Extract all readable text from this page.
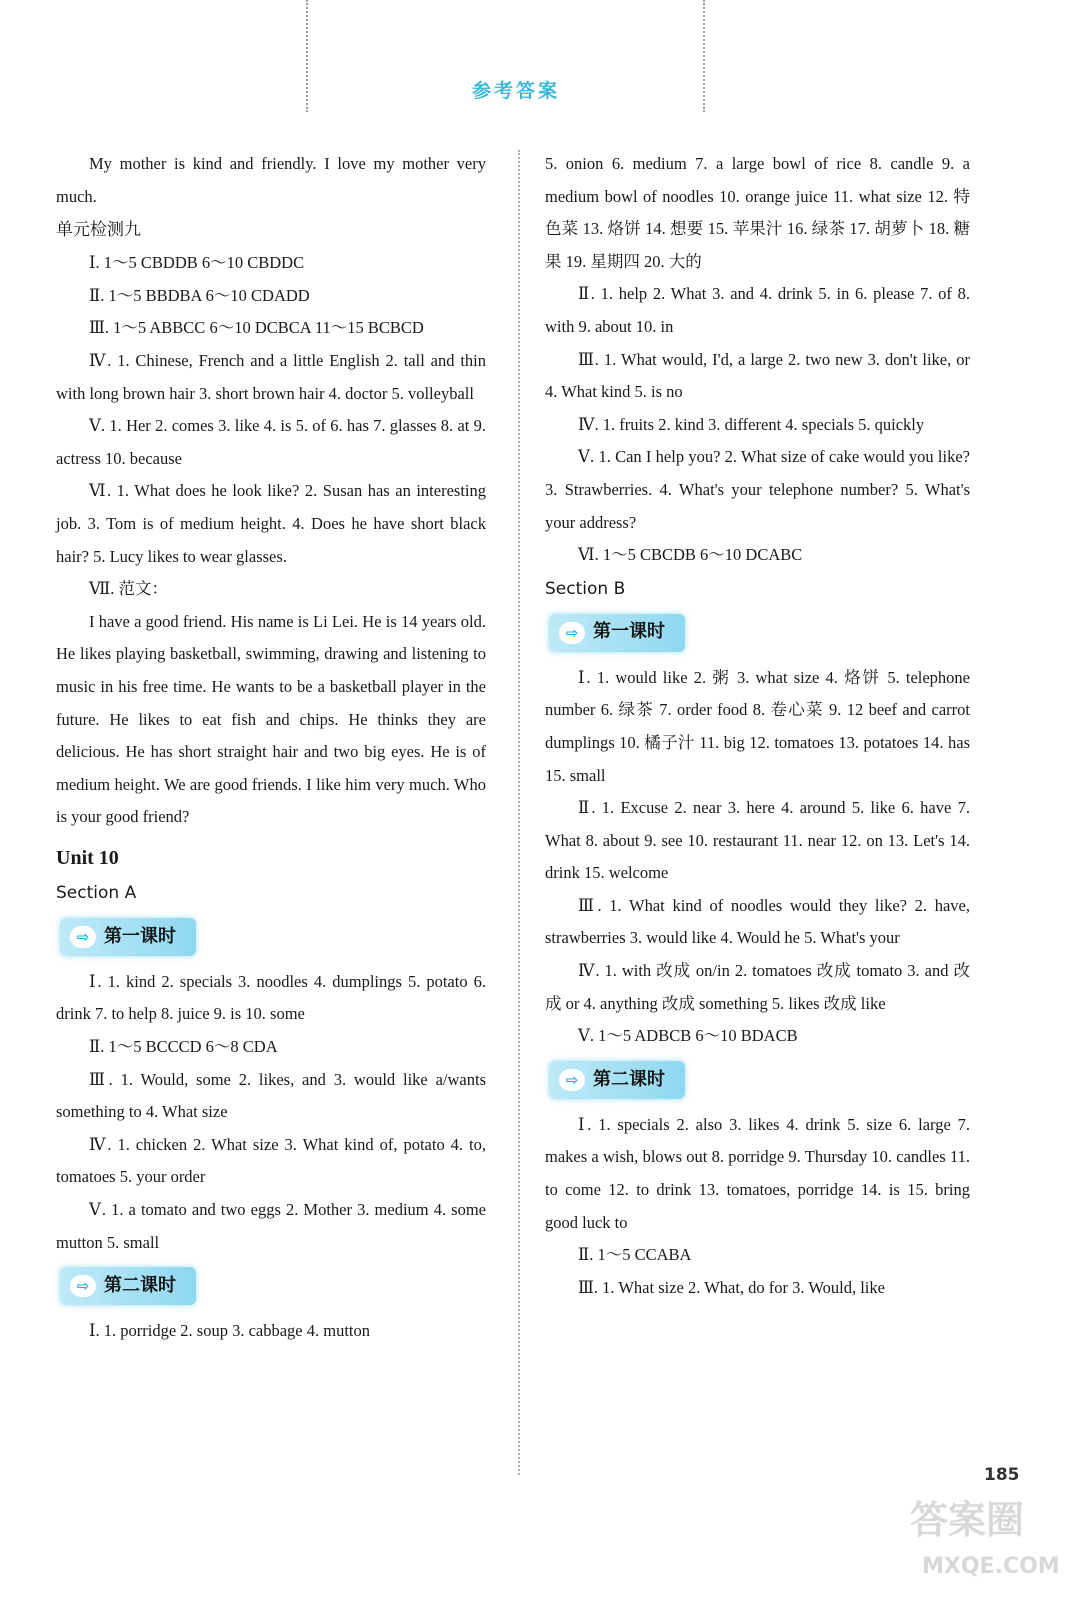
参考答案

My mother is kind and friendly. I love my mother very much.

单元检测九

Ⅰ. 1～5 CBDDB 6～10 CBDDC

Ⅱ. 1～5 BBDBA 6～10 CDADD

Ⅲ. 1～5 ABBCC 6～10 DCBCA 11～15 BCBCD

Ⅳ. 1. Chinese, French and a little English 2. tall and thin with long brown hair 3. short brown hair 4. doctor 5. volleyball

Ⅴ. 1. Her 2. comes 3. like 4. is 5. of 6. has 7. glasses 8. at 9. actress 10. because

Ⅵ. 1. What does he look like? 2. Susan has an interesting job. 3. Tom is of medium height. 4. Does he have short black hair? 5. Lucy likes to wear glasses.

Ⅶ. 范文：

I have a good friend. His name is Li Lei. He is 14 years old. He likes playing basketball, swimming, drawing and listening to music in his free time. He wants to be a basketball player in the future. He likes to eat fish and chips. He thinks they are delicious. He has short straight hair and two big eyes. He is of medium height. We are good friends. I like him very much. Who is your good friend?

Unit 10

Section A

⇨ 第一课时

Ⅰ. 1. kind 2. specials 3. noodles 4. dumplings 5. potato 6. drink 7. to help 8. juice 9. is 10. some

Ⅱ. 1～5 BCCCD 6～8 CDA

Ⅲ. 1. Would, some 2. likes, and 3. would like a/wants something to 4. What size

Ⅳ. 1. chicken 2. What size 3. What kind of, potato 4. to, tomatoes 5. your order

Ⅴ. 1. a tomato and two eggs 2. Mother 3. medium 4. some mutton 5. small

⇨ 第二课时

Ⅰ. 1. porridge 2. soup 3. cabbage 4. mutton

5. onion 6. medium 7. a large bowl of rice 8. candle 9. a medium bowl of noodles 10. orange juice 11. what size 12. 特色菜 13. 烙饼 14. 想要 15. 苹果汁 16. 绿茶 17. 胡萝卜 18. 糖果 19. 星期四 20. 大的

Ⅱ. 1. help 2. What 3. and 4. drink 5. in 6. please 7. of 8. with 9. about 10. in

Ⅲ. 1. What would, I'd, a large 2. two new 3. don't like, or 4. What kind 5. is no

Ⅳ. 1. fruits 2. kind 3. different 4. specials 5. quickly

Ⅴ. 1. Can I help you? 2. What size of cake would you like? 3. Strawberries. 4. What's your telephone number? 5. What's your address?

Ⅵ. 1～5 CBCDB 6～10 DCABC

Section B

⇨ 第一课时

Ⅰ. 1. would like 2. 粥 3. what size 4. 烙饼 5. telephone number 6. 绿茶 7. order food 8. 卷心菜 9. 12 beef and carrot dumplings 10. 橘子汁 11. big 12. tomatoes 13. potatoes 14. has 15. small

Ⅱ. 1. Excuse 2. near 3. here 4. around 5. like 6. have 7. What 8. about 9. see 10. restaurant 11. near 12. on 13. Let's 14. drink 15. welcome

Ⅲ. 1. What kind of noodles would they like? 2. have, strawberries 3. would like 4. Would he 5. What's your

Ⅳ. 1. with 改成 on/in 2. tomatoes 改成 tomato 3. and 改成 or 4. anything 改成 something 5. likes 改成 like

Ⅴ. 1～5 ADBCB 6～10 BDACB

⇨ 第二课时

Ⅰ. 1. specials 2. also 3. likes 4. drink 5. size 6. large 7. makes a wish, blows out 8. porridge 9. Thursday 10. candles 11. to come 12. to drink 13. tomatoes, porridge 14. is 15. bring good luck to

Ⅱ. 1～5 CCABA

Ⅲ. 1. What size 2. What, do for 3. Would, like

185
答案圈
MXQE.COM
